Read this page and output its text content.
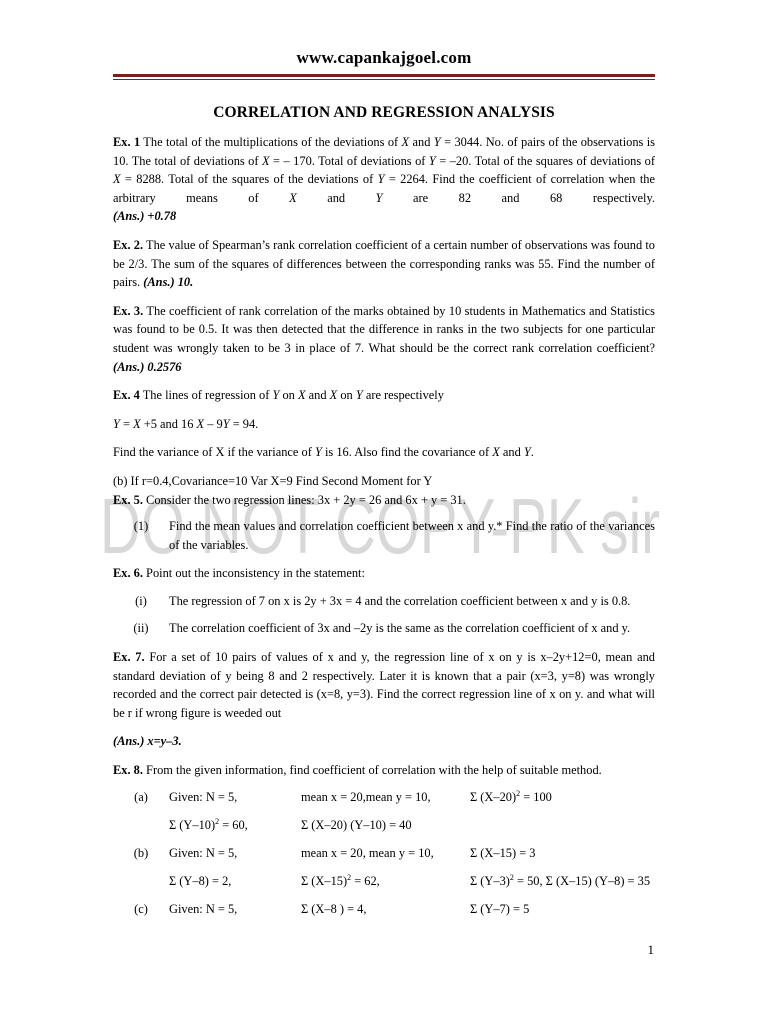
www.capankajgoel.com
CORRELATION AND REGRESSION ANALYSIS
DO NOT COPY-PK sir

Ex. 1 The total of the multiplications of the deviations of X and Y = 3044. No. of pairs of the observations is 10. The total of deviations of X = – 170. Total of deviations of Y = –20. Total of the squares of deviations of X = 8288. Total of the squares of the deviations of Y = 2264. Find the coefficient of correlation when the arbitrary means of X and Y are 82 and 68 respectively.

(Ans.) +0.78

Ex. 2. The value of Spearman’s rank correlation coefficient of a certain number of observations was found to be 2/3. The sum of the squares of differences between the corresponding ranks was 55. Find the number of pairs. (Ans.) 10.

Ex. 3. The coefficient of rank correlation of the marks obtained by 10 students in Mathematics and Statistics was found to be 0.5. It was then detected that the difference in ranks in the two subjects for one particular student was wrongly taken to be 3 in place of 7. What should be the correct rank correlation coefficient? (Ans.) 0.2576

Ex. 4 The lines of regression of Y on X and X on Y are respectively

Y = X +5 and 16 X – 9Y = 94.

Find the variance of X if the variance of Y is 16. Also find the covariance of X and Y.

(b) If r=0.4,Covariance=10 Var X=9 Find Second Moment for Y

Ex. 5. Consider the two regression lines: 3x + 2y = 26 and 6x + y = 31.

(1)	Find the mean values and correlation coefficient between x and y.* Find the ratio of the variances of the variables.

Ex. 6. Point out the inconsistency in the statement:

(i)	The regression of 7 on x is 2y + 3x = 4 and the correlation coefficient between x and y is 0.8.
(ii)	The correlation coefficient of 3x and –2y is the same as the correlation coefficient of x and y.

Ex. 7. For a set of 10 pairs of values of x and y, the regression line of x on y is x–2y+12=0, mean and standard deviation of y being 8 and 2 respectively. Later it is known that a pair (x=3, y=8) was wrongly recorded and the correct pair detected is (x=8, y=3). Find the correct regression line of x on y. and what will be r if wrong figure is weeded out

(Ans.) x=y–3.

Ex. 8. From the given information, find coefficient of correlation with the help of suitable method.

(a)	Given: N = 5,	mean x = 20,mean y = 10,	Σ $(X-20)^2 = 100$
Σ $(Y-10)^2 = 60$,	Σ (X–20) (Y–10) = 40
(b)	Given: N = 5,	mean x = 20, mean y = 10,	Σ (X–15) = 3
Σ (Y–8) = 2,	Σ $(X-15)^2 = 62$,	Σ $(Y-3)^2 = 50$, Σ (X–15) (Y–8) = 35
(c)	Given: N = 5,	Σ (X–8 ) = 4,	Σ (Y–7) = 5
1
